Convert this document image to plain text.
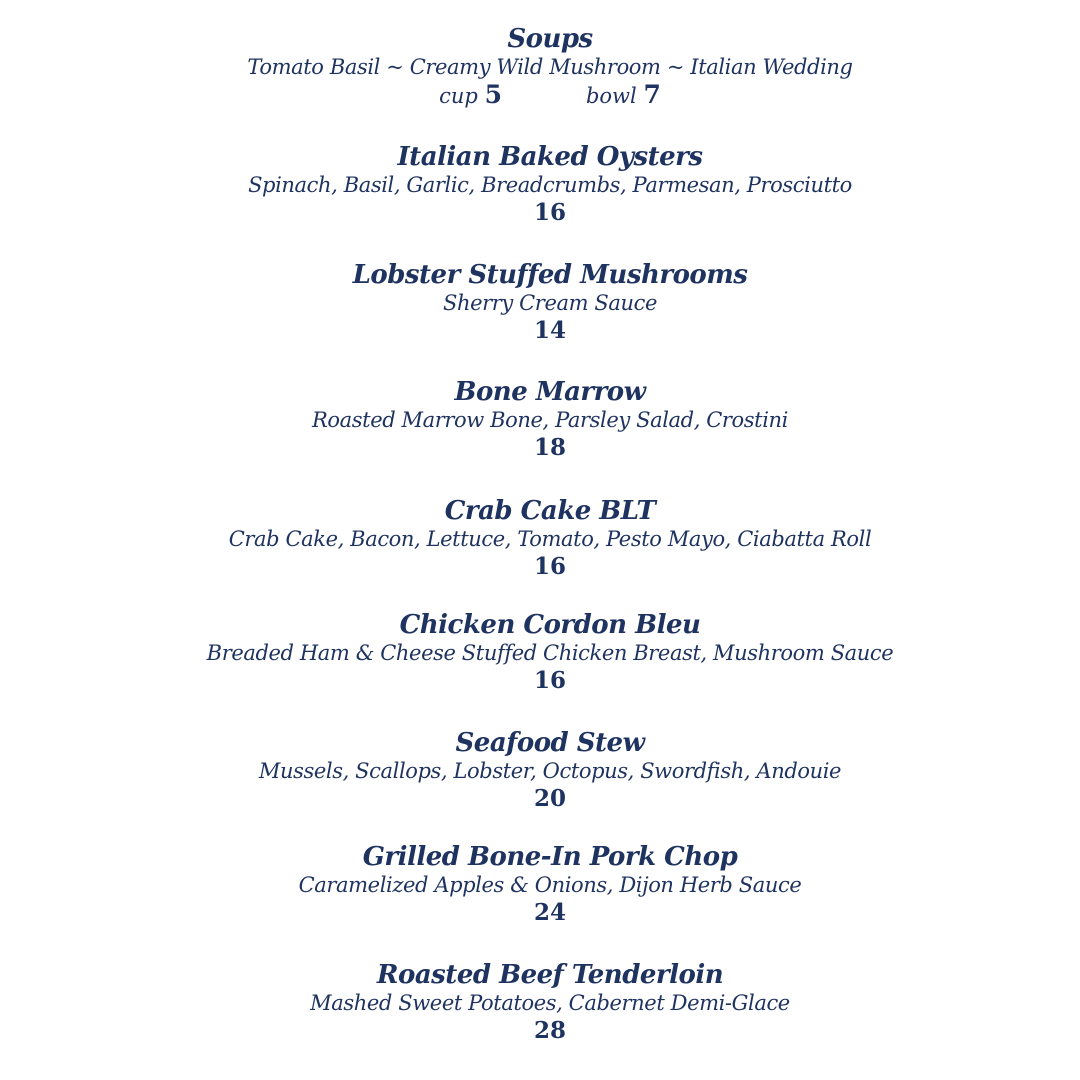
Soups
Tomato Basil ~ Creamy Wild Mushroom ~ Italian Wedding
cup 5	bowl 7
Italian Baked Oysters
Spinach, Basil, Garlic, Breadcrumbs, Parmesan, Prosciutto
16
Lobster Stuffed Mushrooms
Sherry Cream Sauce
14
Bone Marrow
Roasted Marrow Bone, Parsley Salad, Crostini
18
Crab Cake BLT
Crab Cake, Bacon, Lettuce, Tomato, Pesto Mayo, Ciabatta Roll
16
Chicken Cordon Bleu
Breaded Ham & Cheese Stuffed Chicken Breast, Mushroom Sauce
16
Seafood Stew
Mussels, Scallops, Lobster, Octopus, Swordfish, Andouie
20
Grilled Bone-In Pork Chop
Caramelized Apples & Onions, Dijon Herb Sauce
24
Roasted Beef Tenderloin
Mashed Sweet Potatoes, Cabernet Demi-Glace
28
